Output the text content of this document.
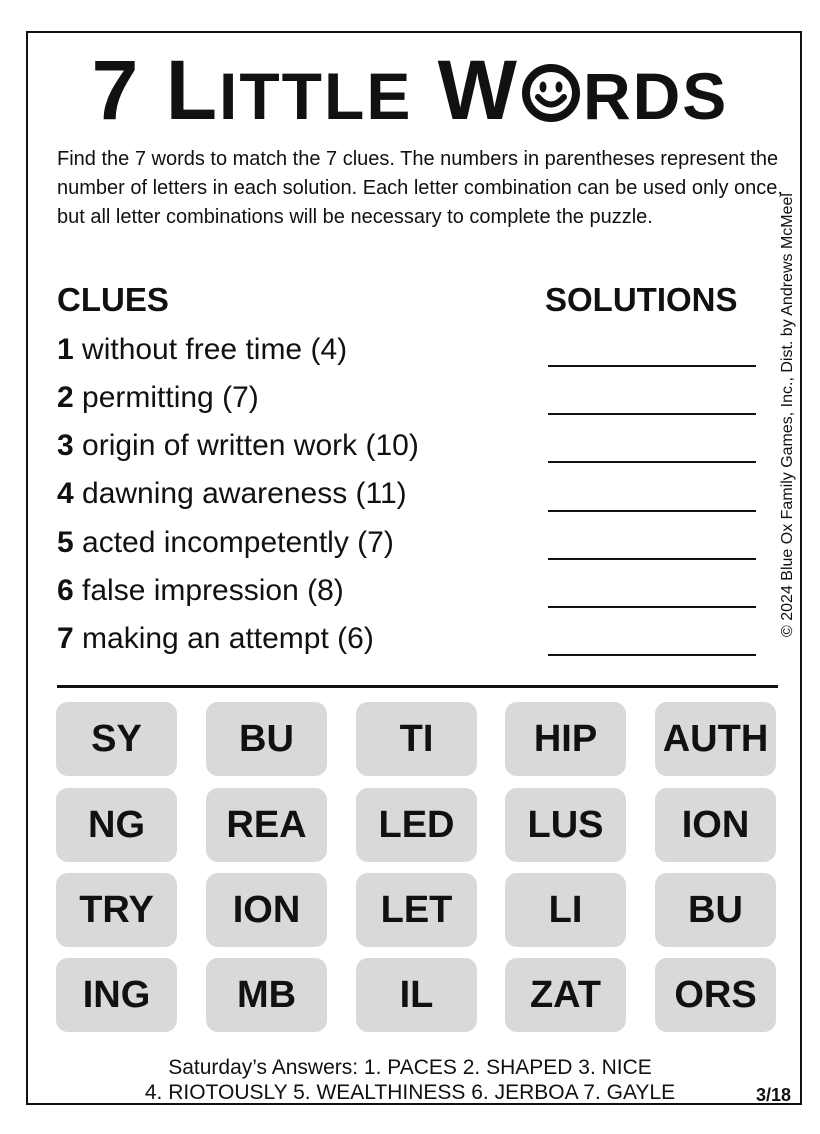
7 LITTLE W RDS
Find the 7 words to match the 7 clues. The numbers in parentheses represent the number of letters in each solution. Each letter combination can be used only once, but all letter combinations will be necessary to complete the puzzle.
CLUES	SOLUTIONS
1 without free time (4)
2 permitting (7)
3 origin of written work (10)
4 dawning awareness (11)
5 acted incompetently (7)
6 false impression (8)
7 making an attempt (6)
© 2024 Blue Ox Family Games, Inc., Dist. by Andrews McMeel
SY	BU	TI	HIP	AUTH
NG	REA	LED	LUS	ION
TRY	ION	LET	LI	BU
ING	MB	IL	ZAT	ORS
Saturday’s Answers: 1. PACES 2. SHAPED 3. NICE
4. RIOTOUSLY 5. WEALTHINESS 6. JERBOA 7. GAYLE	3/18
